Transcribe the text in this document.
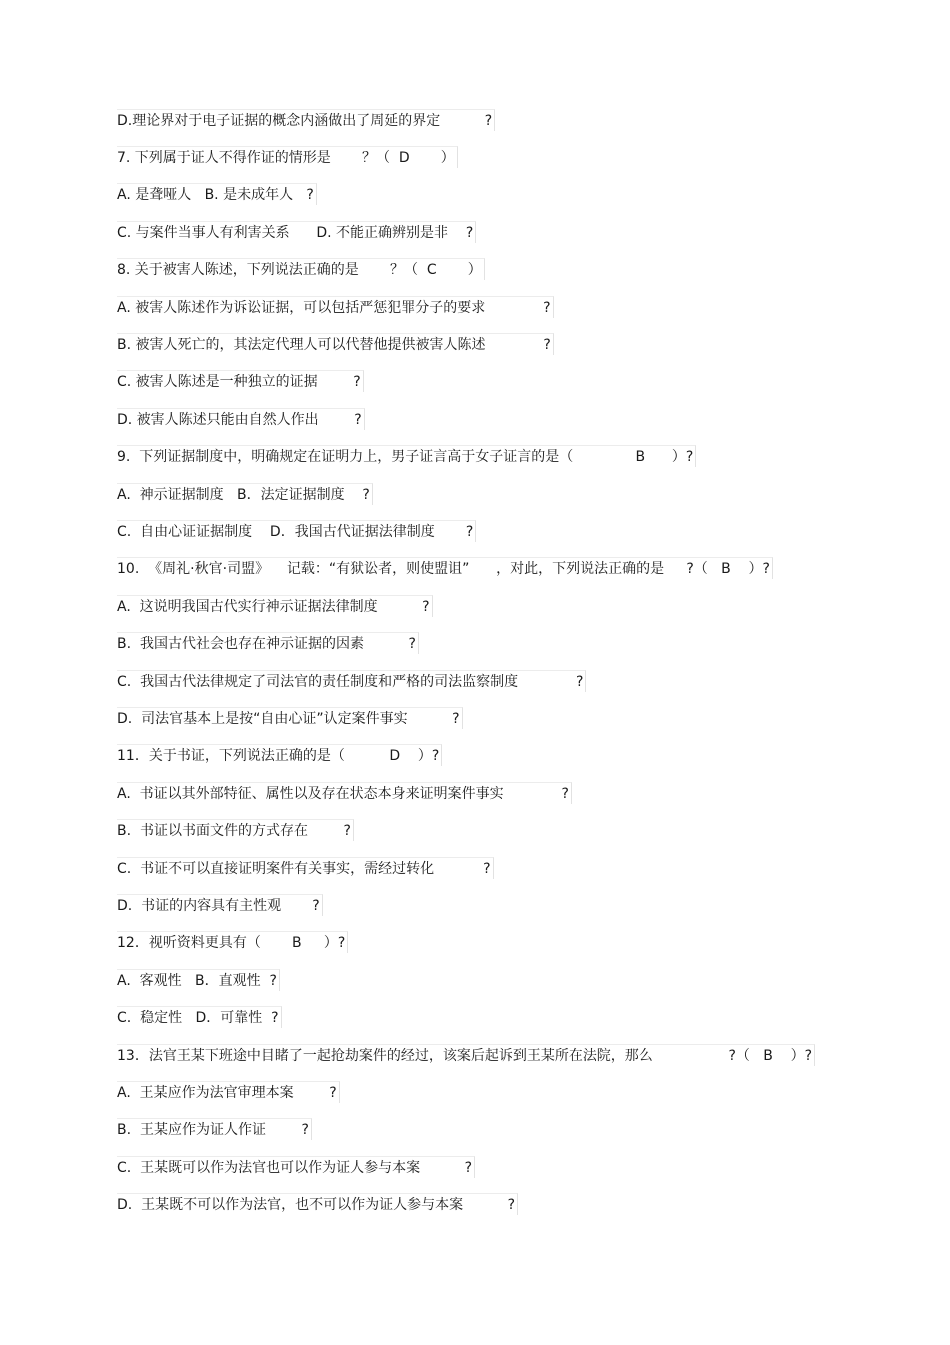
D.理论界对于电子证据的概念内涵做出了周延的界定          ?
7. 下列属于证人不得作证的情形是       ？（  D       ）
A. 是聋哑人   B. 是未成年人   ?
C. 与案件当事人有利害关系      D. 不能正确辨别是非    ?
8. 关于被害人陈述，下列说法正确的是       ？（  C       ）
A. 被害人陈述作为诉讼证据，可以包括严惩犯罪分子的要求             ?
B. 被害人死亡的，其法定代理人可以代替他提供被害人陈述             ?
C. 被害人陈述是一种独立的证据        ?
D. 被害人陈述只能由自然人作出        ?
9.  下列证据制度中，明确规定在证明力上，男子证言高于女子证言的是（              B      ）?
A.  神示证据制度   B．法定证据制度    ?
C.  自由心证证据制度    D．我国古代证据法律制度       ?
10.  《周礼·秋官·司盟》    记载：“有狱讼者，则使盟诅”      ，对此，下列说法正确的是     ?（   B    ）?
A.  这说明我国古代实行神示证据法律制度          ?
B.  我国古代社会也存在神示证据的因素          ?
C.  我国古代法律规定了司法官的责任制度和严格的司法监察制度             ?
D.  司法官基本上是按“自由心证”认定案件事实          ?
11．关于书证，下列说法正确的是（          D    ）?
A.  书证以其外部特征、属性以及存在状态本身来证明案件事实             ?
B.  书证以书面文件的方式存在        ?
C.  书证不可以直接证明案件有关事实，需经过转化           ?
D.  书证的内容具有主性观       ?
12．视听资料更具有（       B     ）?
A.  客观性   B．直观性  ?
C.  稳定性   D．可靠性  ?
13．法官王某下班途中目睹了一起抢劫案件的经过，该案后起诉到王某所在法院，那么                 ?（   B    ）?
A.  王某应作为法官审理本案        ?
B.  王某应作为证人作证        ?
C.  王某既可以作为法官也可以作为证人参与本案          ?
D.  王某既不可以作为法官，也不可以作为证人参与本案          ?
